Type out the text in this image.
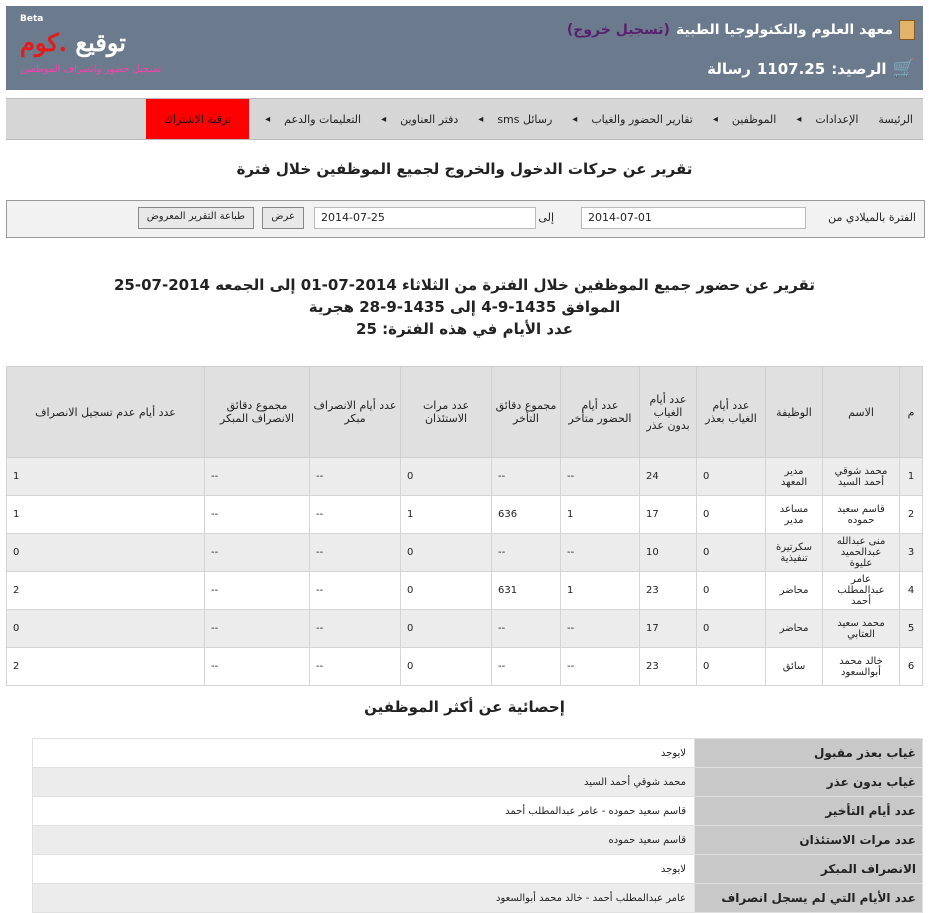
Beta
توقيع .كوم
تسجيل حضور وانصراف الموظفين
معهد العلوم والتكنولوجيا الطبية
(تسجيل خروج)
🛒
الرصيد:
1107.25
رسالة
الرئيسة
الإعدادات
◂
الموظفين
◂
تقارير الحضور والغياب
◂
رسائل sms
◂
دفتر العناوين
◂
التعليمات والدعم
◂
ترقية الاشتراك
تقرير عن حركات الدخول والخروج لجميع الموظفين خلال فترة
الفترة بالميلادي من
2014-07-01
إلى
2014-07-25
عرض
طباعة التقرير المعروض
تقرير عن حضور جميع الموظفين خلال الفترة من الثلاثاء 2014-07-01 إلى الجمعه 2014-07-25
الموافق 1435-9-4 إلى 1435-9-28 هجرية
عدد الأيام في هذه الفترة: 25
م	الاسم	الوظيفة	عدد أيام الغياب بعذر	عدد أيام الغياب بدون عذر	عدد أيام الحضور متأخر	مجموع دقائق التأخر	عدد مرات الاستئذان	عدد أيام الانصراف مبكر	مجموع دقائق الانصراف المبكر	عدد أيام عدم تسجيل الانصراف
1	محمد شوقي أحمد السيد	مدير المعهد	0	24	--	--	0	--	--	1
2	قاسم سعيد حموده	مساعد مدير	0	17	1	636	1	--	--	1
3	منى عبدالله عبدالحميد عليوة	سكرتيرة تنفيذية	0	10	--	--	0	--	--	0
4	عامر عبدالمطلب أحمد	محاضر	0	23	1	631	0	--	--	2
5	محمد سعيد العتابي	محاضر	0	17	--	--	0	--	--	0
6	خالد محمد أبوالسعود	سائق	0	23	--	--	0	--	--	2
إحصائية عن أكثر الموظفين
غياب بعذر مقبول	لايوجد
غياب بدون عذر	محمد شوقي أحمد السيد
عدد أيام التأخير	قاسم سعيد حموده - عامر عبدالمطلب أحمد
عدد مرات الاستئذان	قاسم سعيد حموده
الانصراف المبكر	لايوجد
عدد الأيام التي لم يسجل انصراف	عامر عبدالمطلب أحمد - خالد محمد أبوالسعود
